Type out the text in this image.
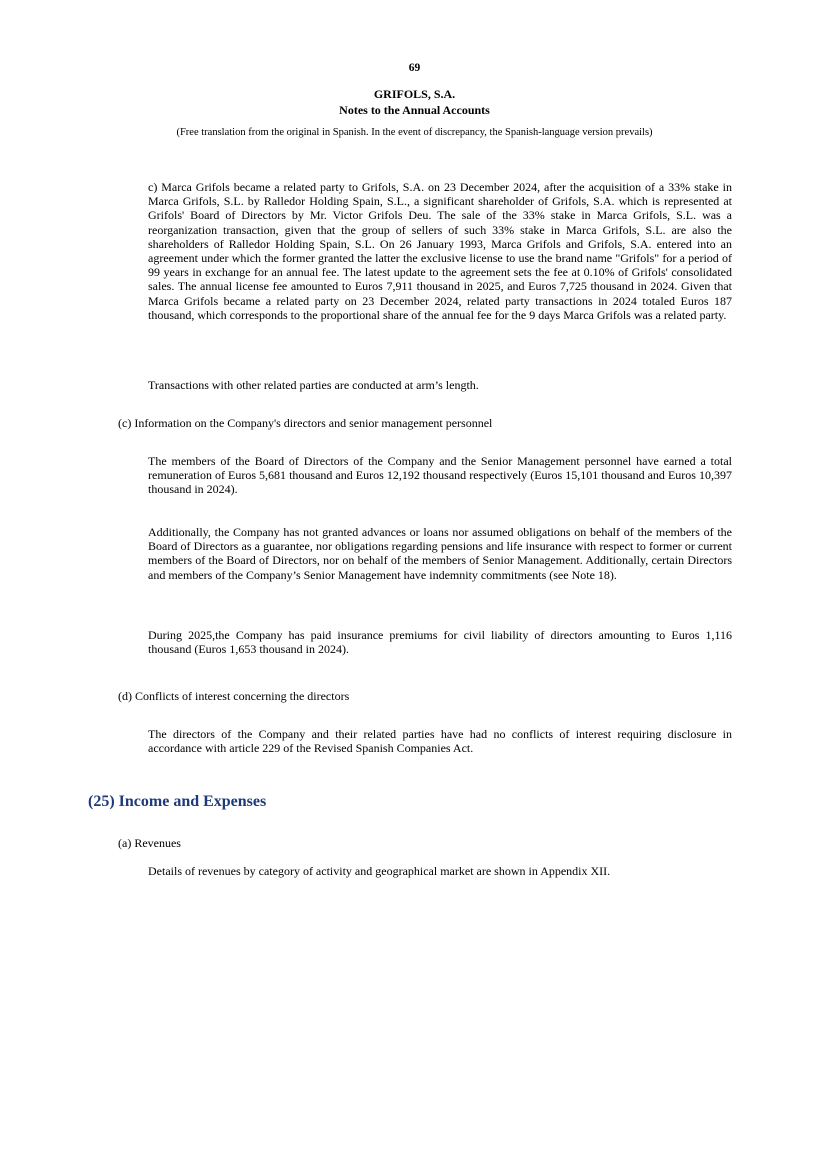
69
GRIFOLS, S.A.
Notes to the Annual Accounts
(Free translation from the original in Spanish. In the event of discrepancy, the Spanish-language version prevails)

c) Marca Grifols became a related party to Grifols, S.A. on 23 December 2024, after the acquisition of a 33% stake in Marca Grifols, S.L. by Ralledor Holding Spain, S.L., a significant shareholder of Grifols, S.A. which is represented at Grifols' Board of Directors by Mr. Victor Grifols Deu. The sale of the 33% stake in Marca Grifols, S.L. was a reorganization transaction, given that the group of sellers of such 33% stake in Marca Grifols, S.L. are also the shareholders of Ralledor Holding Spain, S.L. On 26 January 1993, Marca Grifols and Grifols, S.A. entered into an agreement under which the former granted the latter the exclusive license to use the brand name "Grifols" for a period of 99 years in exchange for an annual fee. The latest update to the agreement sets the fee at 0.10% of Grifols' consolidated sales. The annual license fee amounted to Euros 7,911 thousand in 2025, and Euros 7,725 thousand in 2024. Given that Marca Grifols became a related party on 23 December 2024, related party transactions in 2024 totaled Euros 187 thousand, which corresponds to the proportional share of the annual fee for the 9 days Marca Grifols was a related party.

Transactions with other related parties are conducted at arm’s length.

(c) Information on the Company's directors and senior management personnel

The members of the Board of Directors of the Company and the Senior Management personnel have earned a total remuneration of Euros 5,681 thousand and Euros 12,192 thousand respectively (Euros 15,101 thousand and Euros 10,397 thousand in 2024).

Additionally, the Company has not granted advances or loans nor assumed obligations on behalf of the members of the Board of Directors as a guarantee, nor obligations regarding pensions and life insurance with respect to former or current members of the Board of Directors, nor on behalf of the members of Senior Management. Additionally, certain Directors and members of the Company’s Senior Management have indemnity commitments (see Note 18).

During 2025,the Company has paid insurance premiums for civil liability of directors amounting to Euros 1,116 thousand (Euros 1,653 thousand in 2024).

(d) Conflicts of interest concerning the directors

The directors of the Company and their related parties have had no conflicts of interest requiring disclosure in accordance with article 229 of the Revised Spanish Companies Act.

(25) Income and Expenses

(a) Revenues

Details of revenues by category of activity and geographical market are shown in Appendix XII.
